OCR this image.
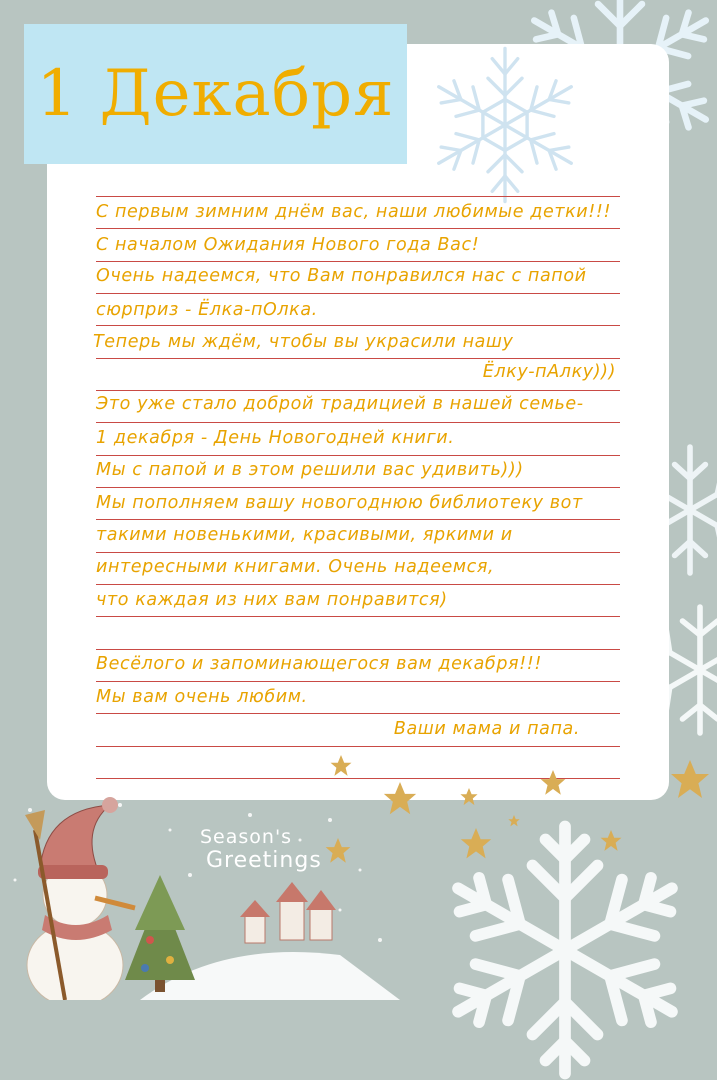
1 Декабря
С первым зимним днём вас, наши любимые детки!!!
С началом Ожидания Нового года Вас!
Очень надеемся, что Вам понравился нас с папой
сюрприз - Ёлка-пОлка.
Теперь мы ждём, чтобы вы украсили нашу
Ёлку-пАлку)))
Это уже стало доброй традицией в нашей семье-
1 декабря - День Новогодней книги.
Мы с папой и в этом решили вас удивить)))
Мы пополняем вашу новогоднюю библиотеку вот
такими новенькими, красивыми, яркими и
интересными книгами. Очень надеемся,
что каждая из них вам понравится)
Весёлого и запоминающегося вам декабря!!!
Мы вам очень любим.
Ваши мама и папа.
Season's
Greetings
